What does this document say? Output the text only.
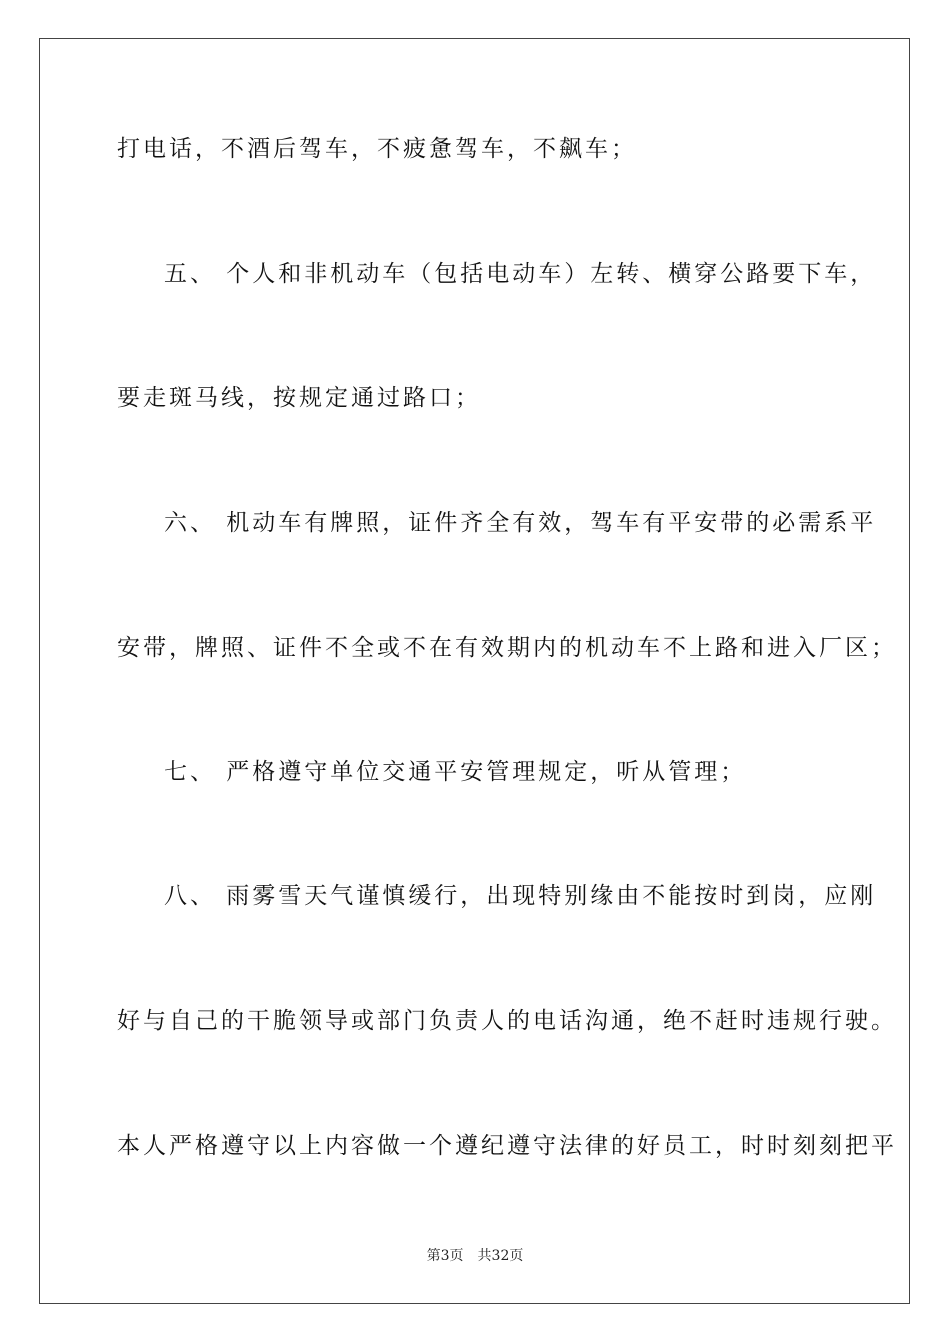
打电话，不酒后驾车，不疲惫驾车，不飙车；
五、 个人和非机动车（包括电动车）左转、横穿公路要下车，
要走斑马线，按规定通过路口；
六、 机动车有牌照，证件齐全有效，驾车有平安带的必需系平
安带，牌照、证件不全或不在有效期内的机动车不上路和进入厂区；
七、 严格遵守单位交通平安管理规定，听从管理；
八、 雨雾雪天气谨慎缓行，出现特别缘由不能按时到岗，应刚
好与自己的干脆领导或部门负责人的电话沟通，绝不赶时违规行驶。
本人严格遵守以上内容做一个遵纪遵守法律的好员工，时时刻刻把平
第3页　共32页
